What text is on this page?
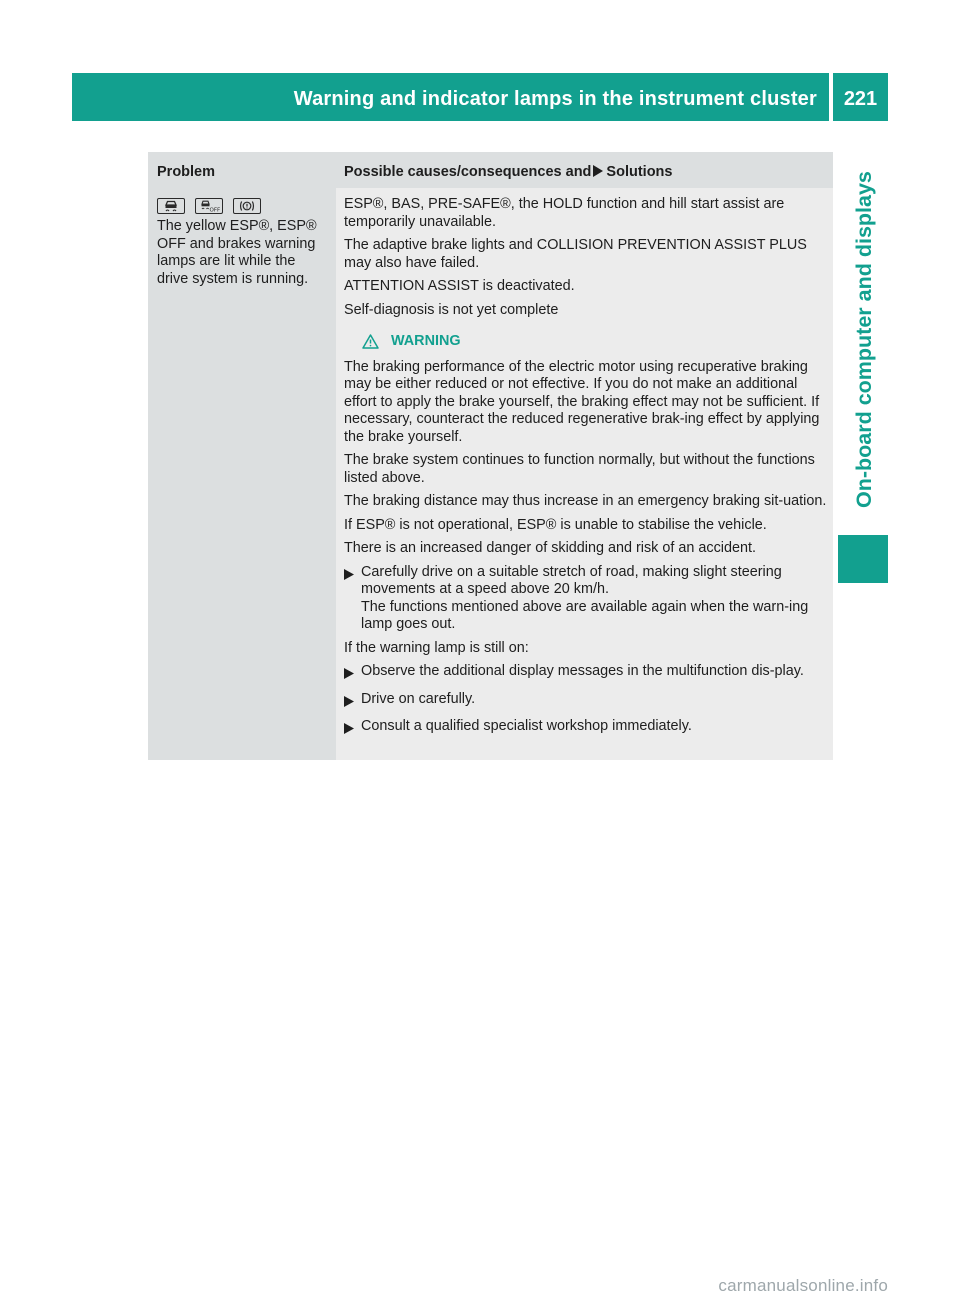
Warning and indicator lamps in the instrument cluster	221
On-board computer and displays
Problem	Possible causes/consequences and Solutions
OFF

The yellow ESP®, ESP® OFF and brakes warning lamps are lit while the drive system is running.

ESP®, BAS, PRE-SAFE®, the HOLD function and hill start assist are temporarily unavailable.

The adaptive brake lights and COLLISION PREVENTION ASSIST PLUS may also have failed.

ATTENTION ASSIST is deactivated.

Self-diagnosis is not yet complete

WARNING

The braking performance of the electric motor using recuperative braking may be either reduced or not effective. If you do not make an additional effort to apply the brake yourself, the braking effect may not be sufficient. If necessary, counteract the reduced regenerative brak-ing effect by applying the brake yourself.

The brake system continues to function normally, but without the functions listed above.

The braking distance may thus increase in an emergency braking sit-uation.

If ESP® is not operational, ESP® is unable to stabilise the vehicle.

There is an increased danger of skidding and risk of an accident.

Carefully drive on a suitable stretch of road, making slight steering movements at a speed above 20 km/h.
The functions mentioned above are available again when the warn-ing lamp goes out.

If the warning lamp is still on:

Observe the additional display messages in the multifunction dis-play.
Drive on carefully.
Consult a qualified specialist workshop immediately.
carmanualsonline.info
